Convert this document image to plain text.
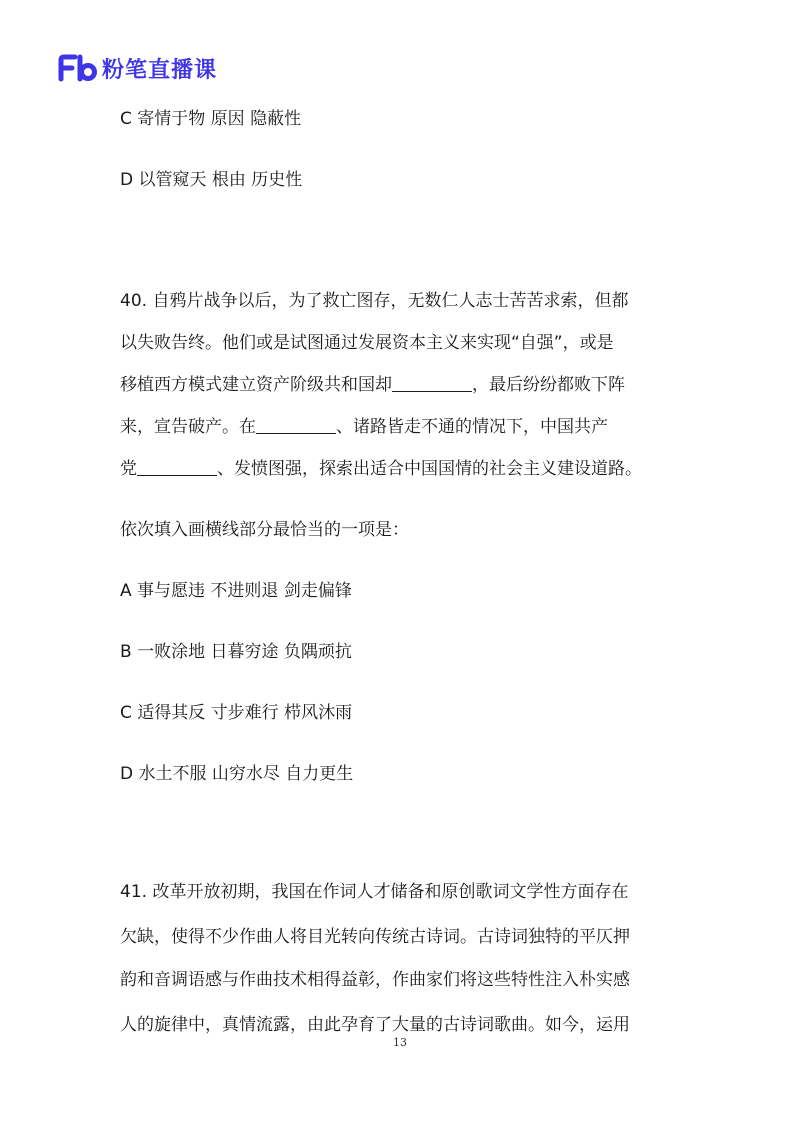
粉笔直播课
C 寄情于物 原因 隐蔽性
D 以管窥天 根由 历史性
40. 自鸦片战争以后，为了救亡图存，无数仁人志士苦苦求索，但都
以失败告终。他们或是试图通过发展资本主义来实现“自强”，或是
移植西方模式建立资产阶级共和国却	，最后纷纷都败下阵
来，宣告破产。在	、诸路皆走不通的情况下，中国共产
党	、发愤图强，探索出适合中国国情的社会主义建设道路。
依次填入画横线部分最恰当的一项是：
A 事与愿违 不进则退 剑走偏锋
B 一败涂地 日暮穷途 负隅顽抗
C 适得其反 寸步难行 栉风沐雨
D 水土不服 山穷水尽 自力更生
41. 改革开放初期，我国在作词人才储备和原创歌词文学性方面存在
欠缺，使得不少作曲人将目光转向传统古诗词。古诗词独特的平仄押
韵和音调语感与作曲技术相得益彰，作曲家们将这些特性注入朴实感
人的旋律中，真情流露，由此孕育了大量的古诗词歌曲。如今，运用
13
